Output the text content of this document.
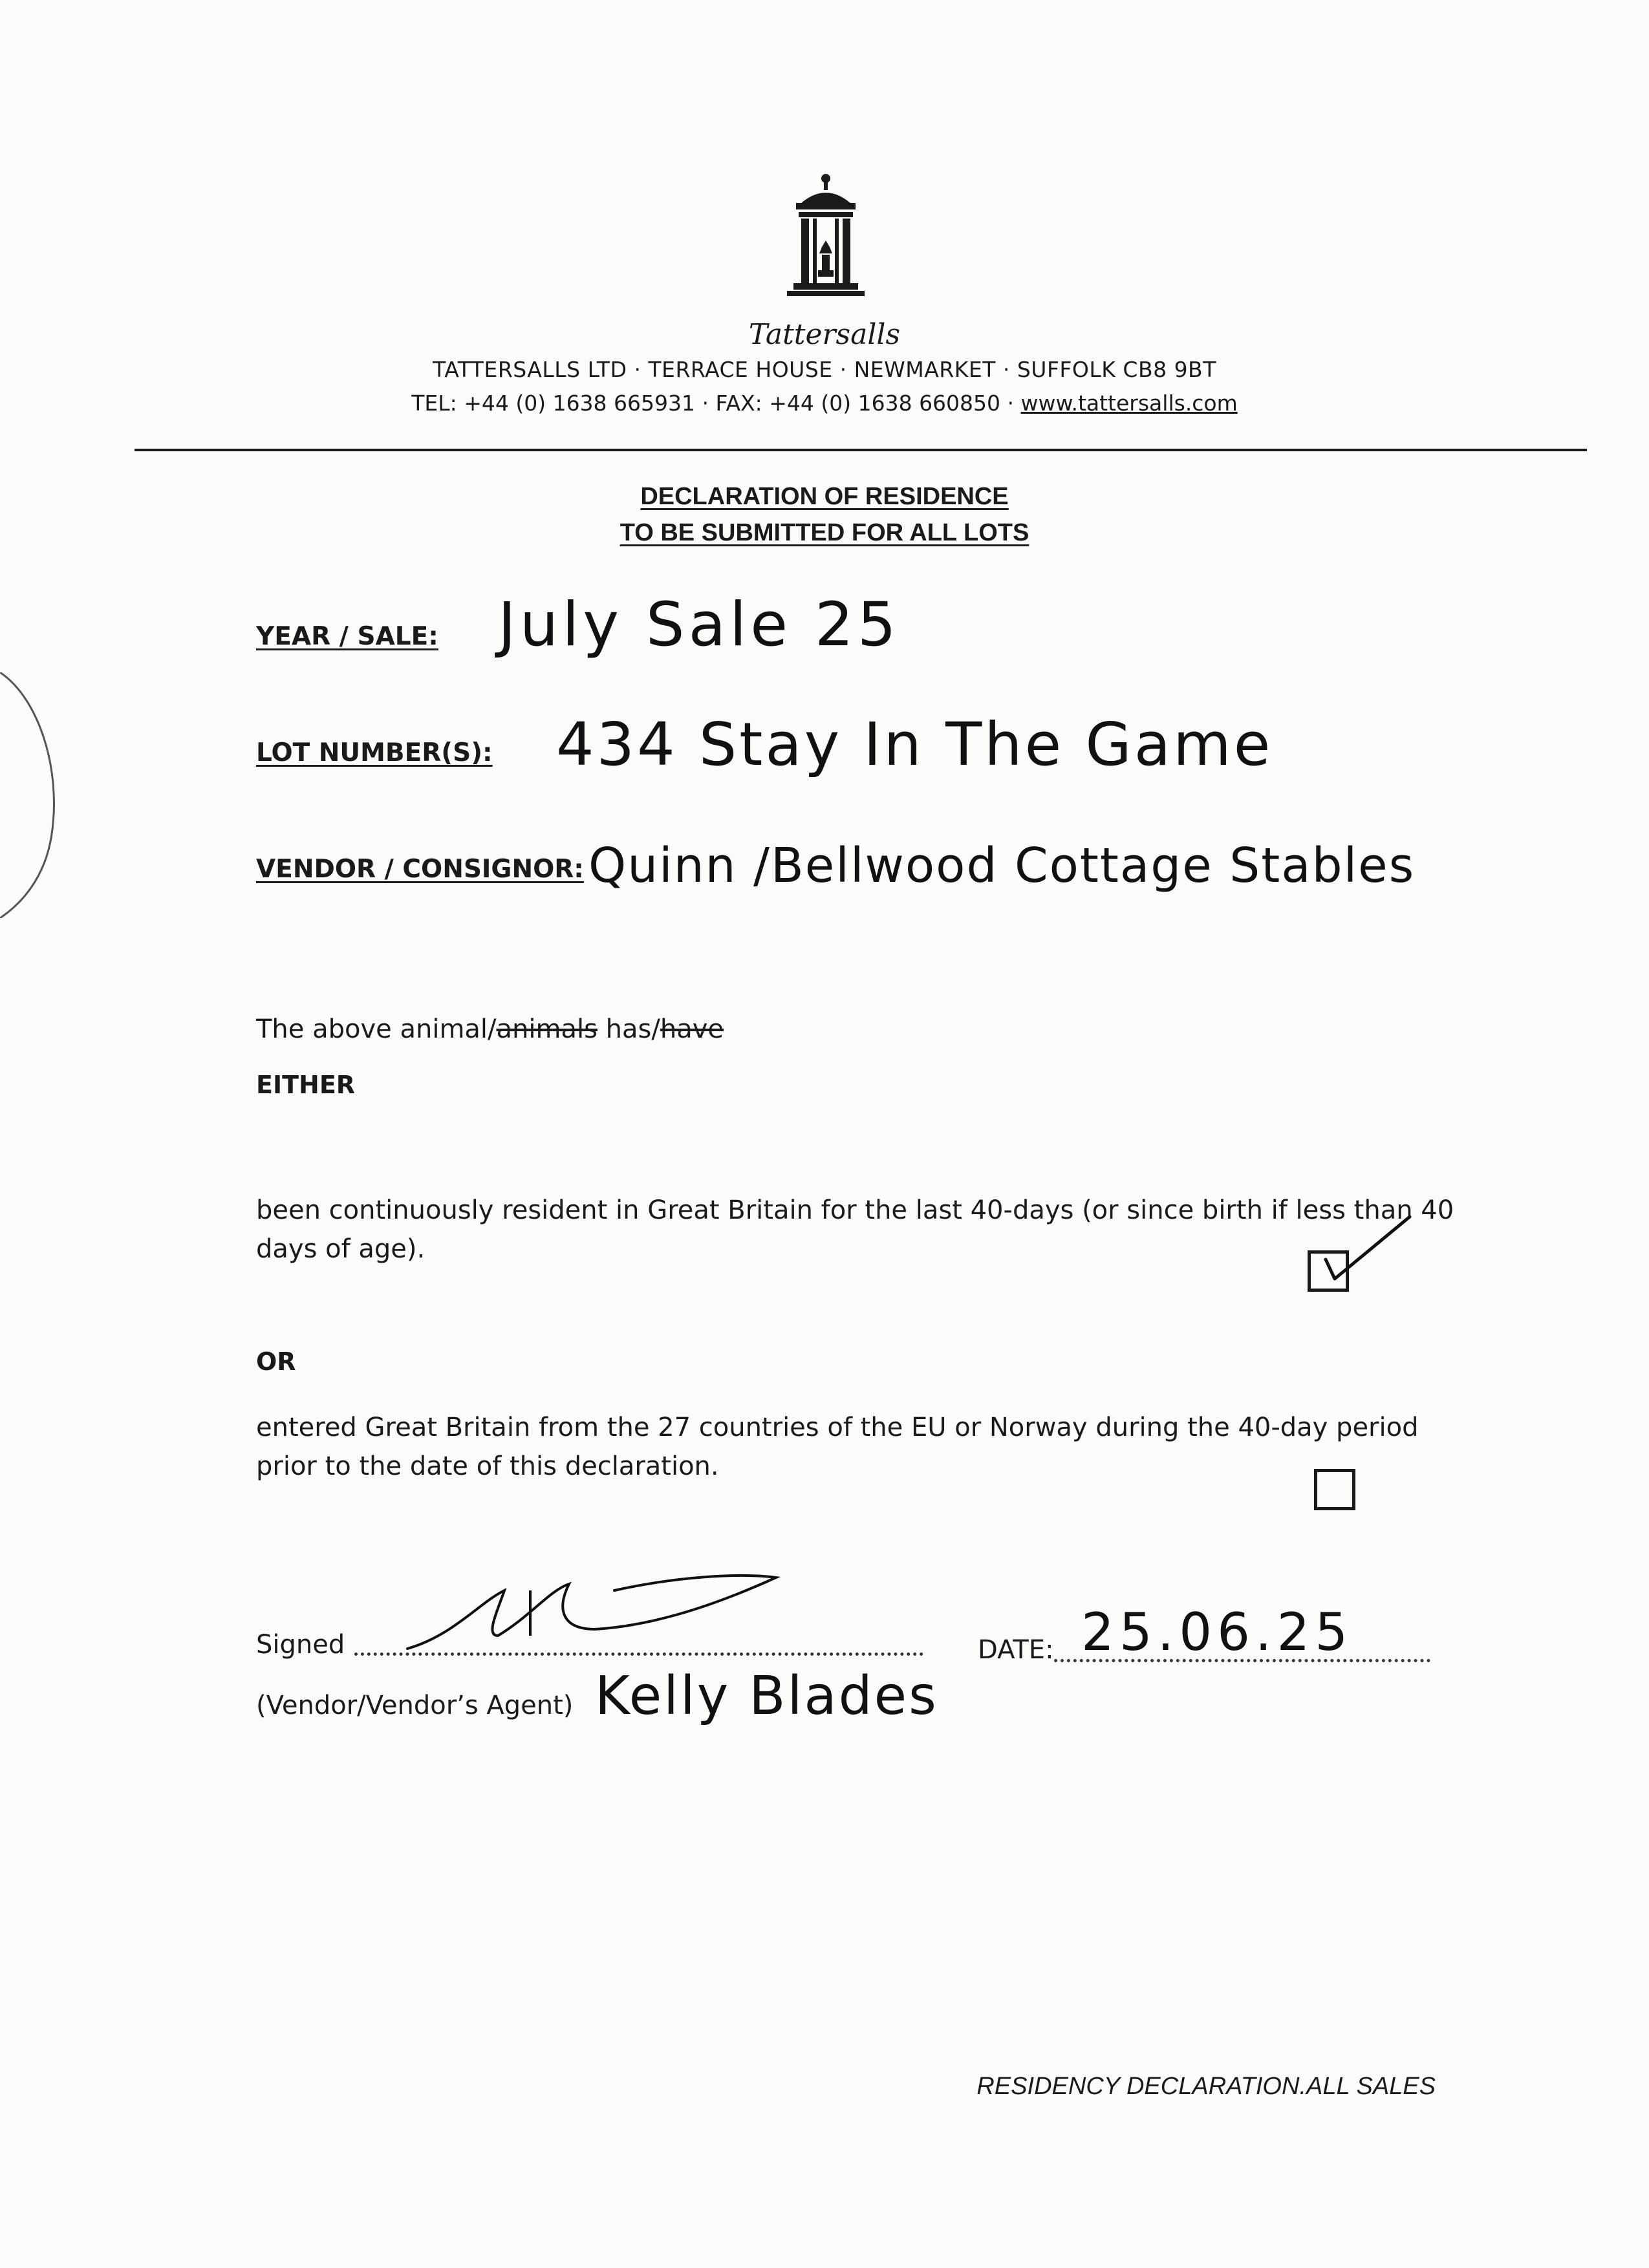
Tattersalls
TATTERSALLS LTD · TERRACE HOUSE · NEWMARKET · SUFFOLK CB8 9BT
TEL: +44 (0) 1638 665931 · FAX: +44 (0) 1638 660850 · www.tattersalls.com
DECLARATION OF RESIDENCE
TO BE SUBMITTED FOR ALL LOTS
YEAR / SALE: July Sale 25
LOT NUMBER(S): 434 Stay In The Game
VENDOR / CONSIGNOR: Quinn /Bellwood Cottage Stables
The above animal/animals has/have
EITHER
been continuously resident in Great Britain for the last 40-days (or since birth if less than 40
days of age).
OR
entered Great Britain from the 27 countries of the EU or Norway during the 40-day period
prior to the date of this declaration.
Signed	DATE: 25.06.25
(Vendor/Vendor’s Agent) Kelly Blades
RESIDENCY DECLARATION.ALL SALES
